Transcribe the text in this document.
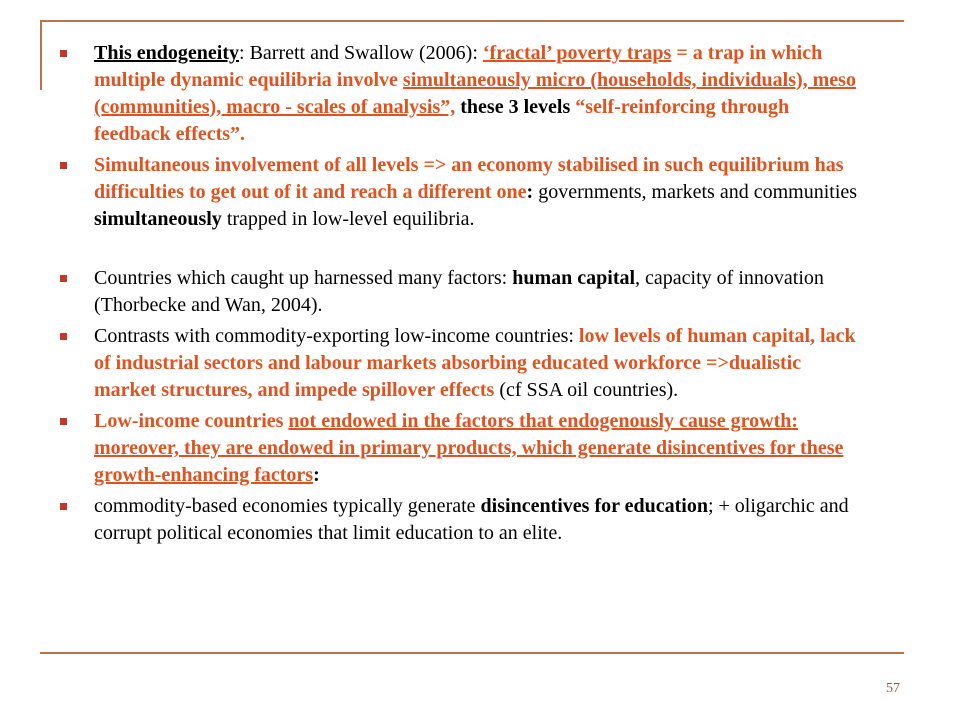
This endogeneity: Barrett and Swallow (2006): ‘fractal’ poverty traps = a trap in which multiple dynamic equilibria involve simultaneously micro (households, individuals), meso (communities), macro - scales of analysis”, these 3 levels “self-reinforcing through feedback effects”.
Simultaneous involvement of all levels => an economy stabilised in such equilibrium has difficulties to get out of it and reach a different one: governments, markets and communities simultaneously trapped in low-level equilibria.
Countries which caught up harnessed many factors: human capital, capacity of innovation (Thorbecke and Wan, 2004).
Contrasts with commodity-exporting low-income countries: low levels of human capital, lack of industrial sectors and labour markets absorbing educated workforce =>dualistic market structures, and impede spillover effects (cf SSA oil countries).
Low-income countries not endowed in the factors that endogenously cause growth: moreover, they are endowed in primary products, which generate disincentives for these growth-enhancing factors:
commodity-based economies typically generate disincentives for education; + oligarchic and corrupt political economies that limit education to an elite.
57
